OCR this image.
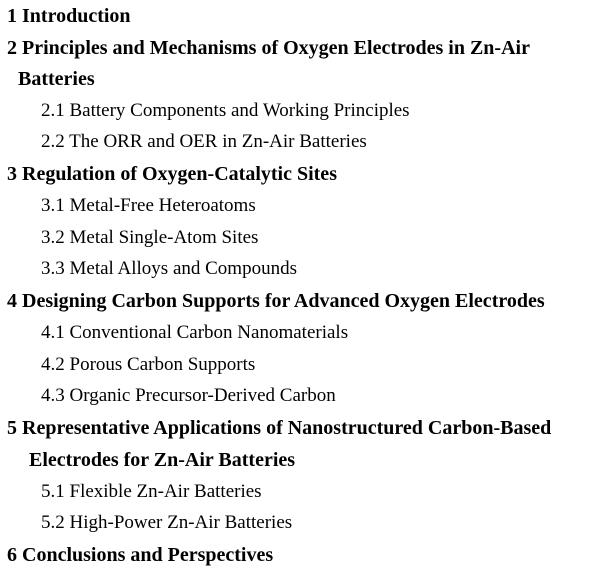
1 Introduction
2 Principles and Mechanisms of Oxygen Electrodes in Zn-Air
Batteries
2.1 Battery Components and Working Principles
2.2 The ORR and OER in Zn-Air Batteries
3 Regulation of Oxygen-Catalytic Sites
3.1 Metal-Free Heteroatoms
3.2 Metal Single-Atom Sites
3.3 Metal Alloys and Compounds
4 Designing Carbon Supports for Advanced Oxygen Electrodes
4.1 Conventional Carbon Nanomaterials
4.2 Porous Carbon Supports
4.3 Organic Precursor-Derived Carbon
5 Representative Applications of Nanostructured Carbon-Based
Electrodes for Zn-Air Batteries
5.1 Flexible Zn-Air Batteries
5.2 High-Power Zn-Air Batteries
6 Conclusions and Perspectives
